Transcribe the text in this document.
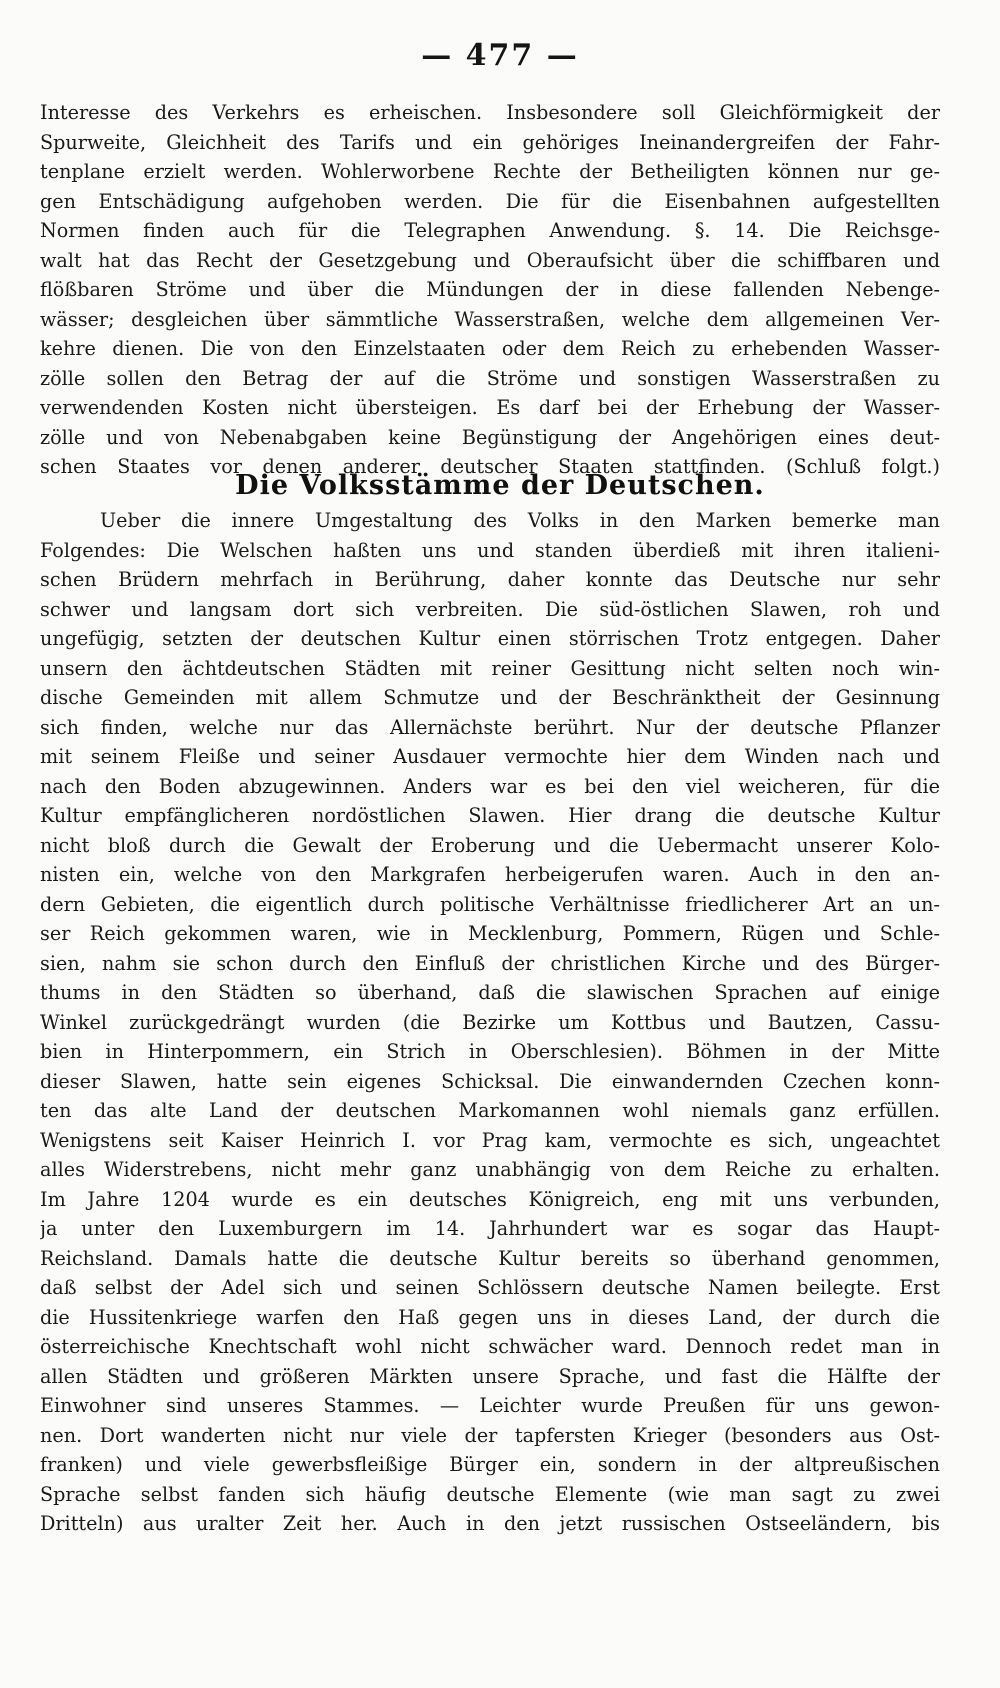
— 477 —
Interesse des Verkehrs es erheischen. Insbesondere soll Gleichförmigkeit der
Spurweite, Gleichheit des Tarifs und ein gehöriges Ineinandergreifen der Fahr-
tenplane erzielt werden. Wohlerworbene Rechte der Betheiligten können nur ge-
gen Entschädigung aufgehoben werden. Die für die Eisenbahnen aufgestellten
Normen finden auch für die Telegraphen Anwendung. §. 14. Die Reichsge-
walt hat das Recht der Gesetzgebung und Oberaufsicht über die schiffbaren und
flößbaren Ströme und über die Mündungen der in diese fallenden Nebenge-
wässer; desgleichen über sämmtliche Wasserstraßen, welche dem allgemeinen Ver-
kehre dienen. Die von den Einzelstaaten oder dem Reich zu erhebenden Wasser-
zölle sollen den Betrag der auf die Ströme und sonstigen Wasserstraßen zu
verwendenden Kosten nicht übersteigen. Es darf bei der Erhebung der Wasser-
zölle und von Nebenabgaben keine Begünstigung der Angehörigen eines deut-
schen Staates vor denen anderer deutscher Staaten stattfinden. (Schluß folgt.)
Die Volksstämme der Deutschen.
Ueber die innere Umgestaltung des Volks in den Marken bemerke man
Folgendes: Die Welschen haßten uns und standen überdieß mit ihren italieni-
schen Brüdern mehrfach in Berührung, daher konnte das Deutsche nur sehr
schwer und langsam dort sich verbreiten. Die süd-östlichen Slawen, roh und
ungefügig, setzten der deutschen Kultur einen störrischen Trotz entgegen. Daher
unsern den ächtdeutschen Städten mit reiner Gesittung nicht selten noch win-
dische Gemeinden mit allem Schmutze und der Beschränktheit der Gesinnung
sich finden, welche nur das Allernächste berührt. Nur der deutsche Pflanzer
mit seinem Fleiße und seiner Ausdauer vermochte hier dem Winden nach und
nach den Boden abzugewinnen. Anders war es bei den viel weicheren, für die
Kultur empfänglicheren nordöstlichen Slawen. Hier drang die deutsche Kultur
nicht bloß durch die Gewalt der Eroberung und die Uebermacht unserer Kolo-
nisten ein, welche von den Markgrafen herbeigerufen waren. Auch in den an-
dern Gebieten, die eigentlich durch politische Verhältnisse friedlicherer Art an un-
ser Reich gekommen waren, wie in Mecklenburg, Pommern, Rügen und Schle-
sien, nahm sie schon durch den Einfluß der christlichen Kirche und des Bürger-
thums in den Städten so überhand, daß die slawischen Sprachen auf einige
Winkel zurückgedrängt wurden (die Bezirke um Kottbus und Bautzen, Cassu-
bien in Hinterpommern, ein Strich in Oberschlesien). Böhmen in der Mitte
dieser Slawen, hatte sein eigenes Schicksal. Die einwandernden Czechen konn-
ten das alte Land der deutschen Markomannen wohl niemals ganz erfüllen.
Wenigstens seit Kaiser Heinrich I. vor Prag kam, vermochte es sich, ungeachtet
alles Widerstrebens, nicht mehr ganz unabhängig von dem Reiche zu erhalten.
Im Jahre 1204 wurde es ein deutsches Königreich, eng mit uns verbunden,
ja unter den Luxemburgern im 14. Jahrhundert war es sogar das Haupt-
Reichsland. Damals hatte die deutsche Kultur bereits so überhand genommen,
daß selbst der Adel sich und seinen Schlössern deutsche Namen beilegte. Erst
die Hussitenkriege warfen den Haß gegen uns in dieses Land, der durch die
österreichische Knechtschaft wohl nicht schwächer ward. Dennoch redet man in
allen Städten und größeren Märkten unsere Sprache, und fast die Hälfte der
Einwohner sind unseres Stammes. — Leichter wurde Preußen für uns gewon-
nen. Dort wanderten nicht nur viele der tapfersten Krieger (besonders aus Ost-
franken) und viele gewerbsfleißige Bürger ein, sondern in der altpreußischen
Sprache selbst fanden sich häufig deutsche Elemente (wie man sagt zu zwei
Dritteln) aus uralter Zeit her. Auch in den jetzt russischen Ostseeländern, bis
